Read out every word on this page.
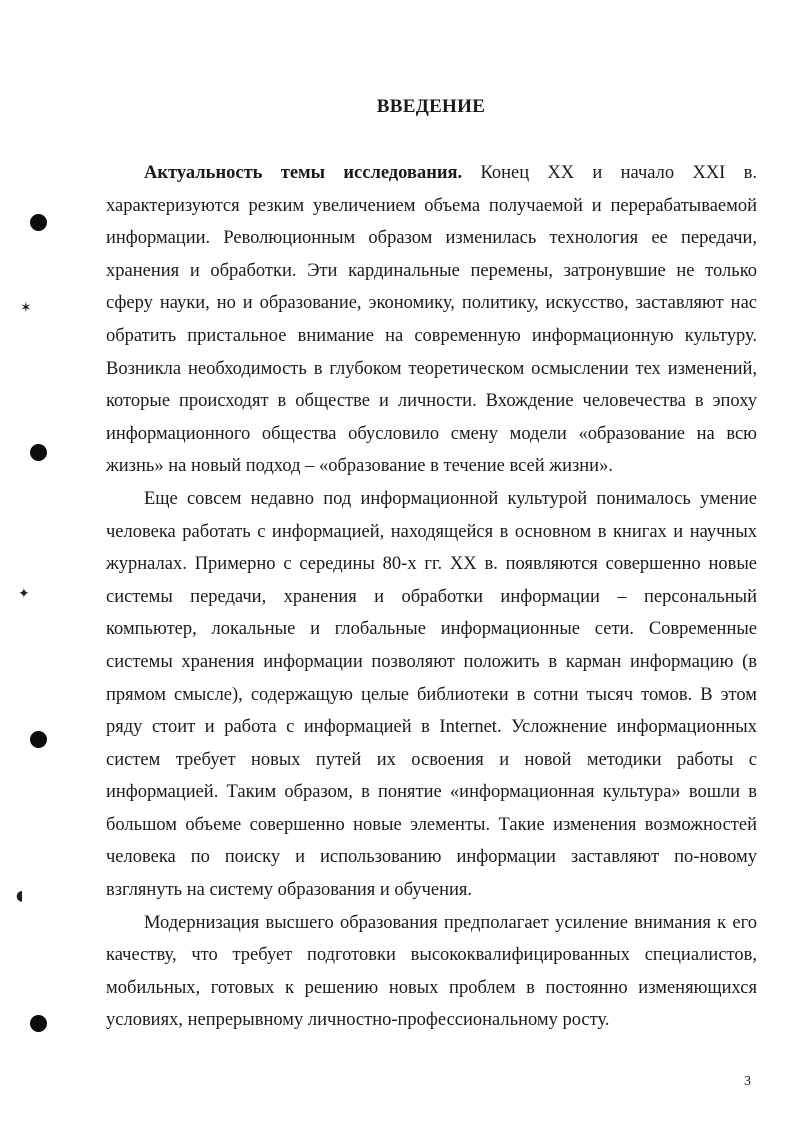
✶
✦
◖
ВВЕДЕНИЕ

Актуальность темы исследования. Конец XX и начало XXI в. характеризуются резким увеличением объема получаемой и перерабатываемой информации. Революционным образом изменилась технология ее передачи, хранения и обработки. Эти кардинальные перемены, затронувшие не только сферу науки, но и образование, экономику, политику, искусство, заставляют нас обратить пристальное внимание на современную информационную культуру. Возникла необходимость в глубоком теоретическом осмыслении тех изменений, которые происходят в обществе и личности. Вхождение человечества в эпоху информационного общества обусловило смену модели «образование на всю жизнь» на новый подход – «образование в течение всей жизни».

Еще совсем недавно под информационной культурой понималось умение человека работать с информацией, находящейся в основном в книгах и научных журналах. Примерно с середины 80-х гг. XX в. появляются совершенно новые системы передачи, хранения и обработки информации – персональный компьютер, локальные и глобальные информационные сети. Современные системы хранения информации позволяют положить в карман информацию (в прямом смысле), содержащую целые библиотеки в сотни тысяч томов. В этом ряду стоит и работа с информацией в Internet. Усложнение информационных систем требует новых путей их освоения и новой методики работы с информацией. Таким образом, в понятие «информационная культура» вошли в большом объеме совершенно новые элементы. Такие изменения возможностей человека по поиску и использованию информации заставляют по-новому взглянуть на систему образования и обучения.

Модернизация высшего образования предполагает усиление внимания к его качеству, что требует подготовки высококвалифицированных специалистов, мобильных, готовых к решению новых проблем в постоянно изменяющихся условиях, непрерывному личностно-профессиональному росту.

3
